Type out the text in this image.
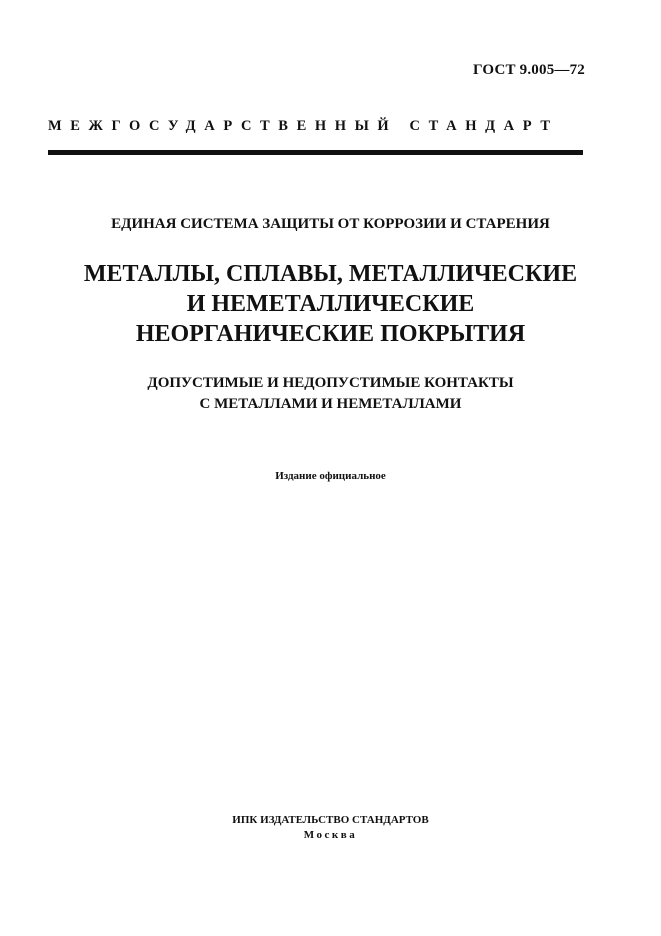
ГОСТ 9.005—72
МЕЖГОСУДАРСТВЕННЫЙ СТАНДАРТ
ЕДИНАЯ СИСТЕМА ЗАЩИТЫ ОТ КОРРОЗИИ И СТАРЕНИЯ
МЕТАЛЛЫ, СПЛАВЫ, МЕТАЛЛИЧЕСКИЕ
И НЕМЕТАЛЛИЧЕСКИЕ
НЕОРГАНИЧЕСКИЕ ПОКРЫТИЯ
ДОПУСТИМЫЕ И НЕДОПУСТИМЫЕ КОНТАКТЫ
С МЕТАЛЛАМИ И НЕМЕТАЛЛАМИ
Издание официальное
ИПК ИЗДАТЕЛЬСТВО СТАНДАРТОВ
Москва
